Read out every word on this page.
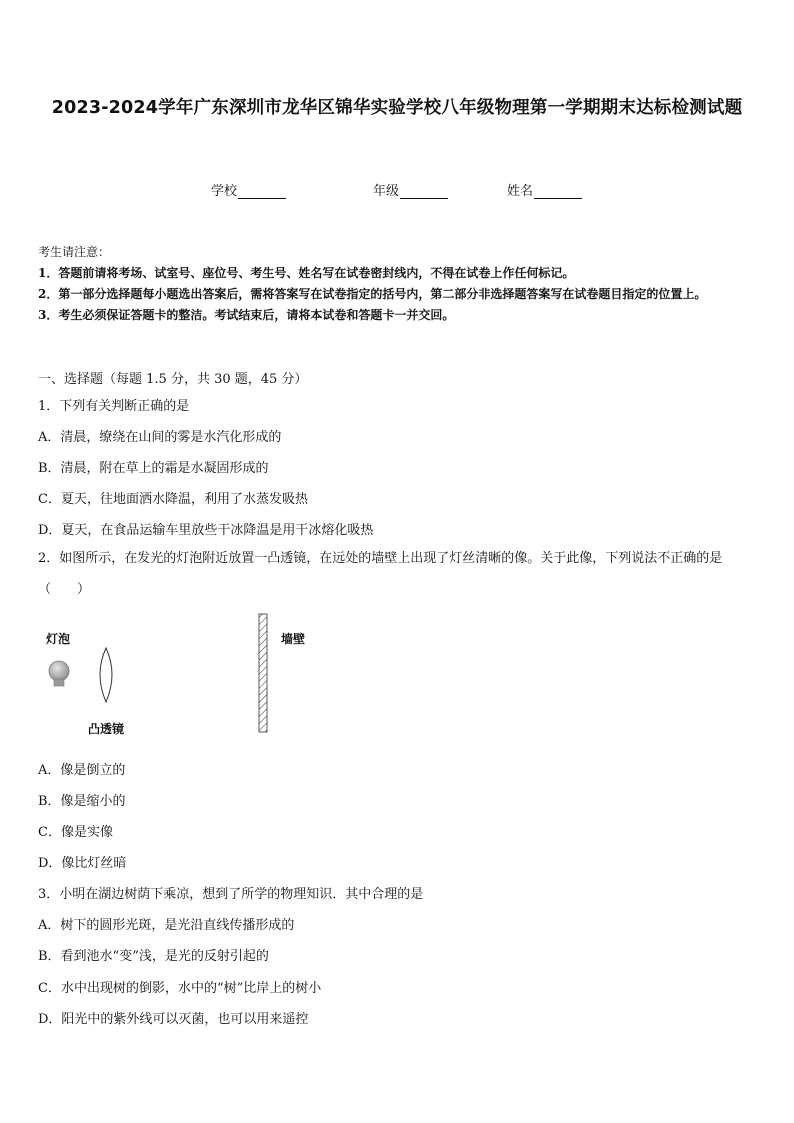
2023-2024学年广东深圳市龙华区锦华实验学校八年级物理第一学期期末达标检测试题
学校	年级	姓名

考生请注意：

1．答题前请将考场、试室号、座位号、考生号、姓名写在试卷密封线内，不得在试卷上作任何标记。

2．第一部分选择题每小题选出答案后，需将答案写在试卷指定的括号内，第二部分非选择题答案写在试卷题目指定的位置上。

3．考生必须保证答题卡的整洁。考试结束后，请将本试卷和答题卡一并交回。

一、选择题（每题 1.5 分，共 30 题，45 分）
1．下列有关判断正确的是
A．清晨，缭绕在山间的雾是水汽化形成的
B．清晨，附在草上的霜是水凝固形成的
C．夏天，往地面洒水降温，利用了水蒸发吸热
D．夏天，在食品运输车里放些干冰降温是用干冰熔化吸热
2．如图所示，在发光的灯泡附近放置一凸透镜，在远处的墙壁上出现了灯丝清晰的像。关于此像，下列说法不正确的是（　　）
灯泡
凸透镜
墙壁
A．像是倒立的
B．像是缩小的
C．像是实像
D．像比灯丝暗
3．小明在湖边树荫下乘凉，想到了所学的物理知识．其中合理的是
A．树下的圆形光斑，是光沿直线传播形成的
B．看到池水“变”浅，是光的反射引起的
C．水中出现树的倒影，水中的“树”比岸上的树小
D．阳光中的紫外线可以灭菌，也可以用来遥控
